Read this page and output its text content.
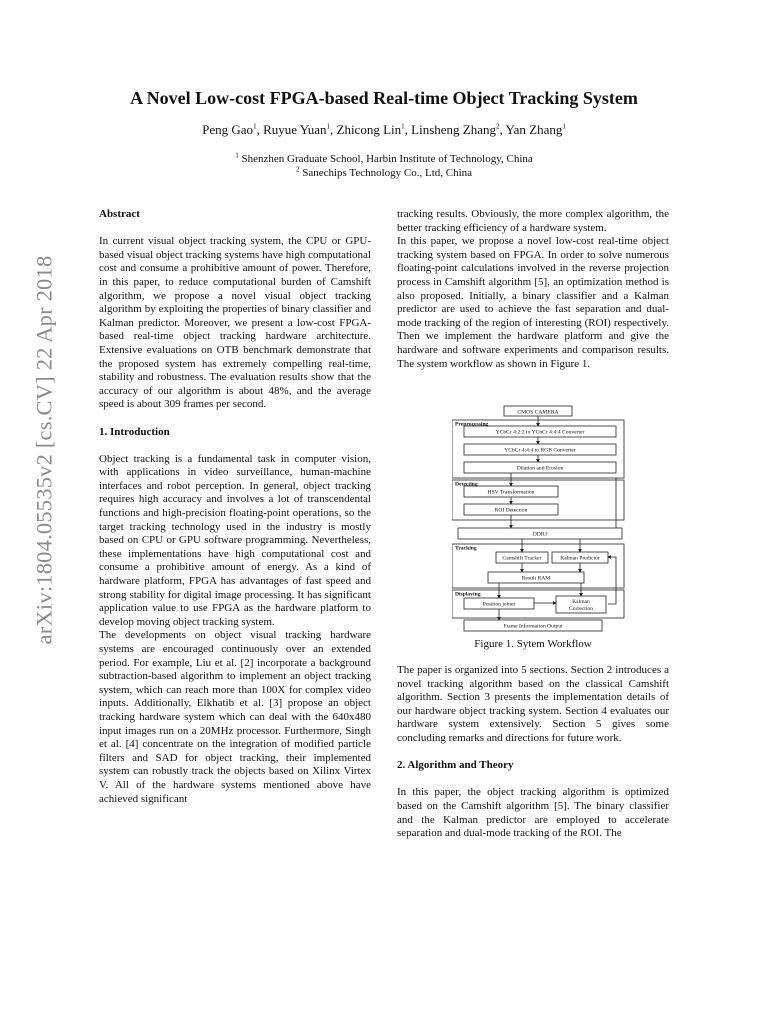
arXiv:1804.05535v2 [cs.CV] 22 Apr 2018
A Novel Low-cost FPGA-based Real-time Object Tracking System
Peng Gao$^1$, Ruyue Yuan$^1$, Zhicong Lin$^1$, Linsheng Zhang$^2$, Yan Zhang$^1$
$^1$ Shenzhen Graduate School, Harbin Institute of Technology, China
$^2$ Sanechips Technology Co., Ltd, China

Abstract

In current visual object tracking system, the CPU or GPU-based visual object tracking systems have high computational cost and consume a prohibitive amount of power. Therefore, in this paper, to reduce computational burden of Camshift algorithm, we propose a novel visual object tracking algorithm by exploiting the properties of binary classifier and Kalman predictor. Moreover, we present a low-cost FPGA-based real-time object tracking hardware architecture. Extensive evaluations on OTB benchmark demonstrate that the proposed system has extremely compelling real-time, stability and robustness. The evaluation results show that the accuracy of our algorithm is about 48%, and the average speed is about 309 frames per second.

1. Introduction

Object tracking is a fundamental task in computer vision, with applications in video surveillance, human-machine interfaces and robot perception. In general, object tracking requires high accuracy and involves a lot of transcendental functions and high-precision floating-point operations, so the target tracking technology used in the industry is mostly based on CPU or GPU software programming. Nevertheless, these implementations have high computational cost and consume a prohibitive amount of energy. As a kind of hardware platform, FPGA has advantages of fast speed and strong stability for digital image processing. It has significant application value to use FPGA as the hardware platform to develop moving object tracking system.

The developments on object visual tracking hardware systems are encouraged continuously over an extended period. For example, Liu et al. [2] incorporate a background subtraction-based algorithm to implement an object tracking system, which can reach more than 100X for complex video inputs. Additionally, Elkhatib et al. [3] propose an object tracking hardware system which can deal with the 640x480 input images run on a 20MHz processor. Furthermore, Singh et al. [4] concentrate on the integration of modified particle filters and SAD for object tracking, their implemented system can robustly track the objects based on Xilinx Virtex V. All of the hardware systems mentioned above have achieved significant

tracking results. Obviously, the more complex algorithm, the better tracking efficiency of a hardware system.

In this paper, we propose a novel low-cost real-time object tracking system based on FPGA. In order to solve numerous floating-point calculations involved in the reverse projection process in Camshift algorithm [5], an optimization method is also proposed. Initially, a binary classifier and a Kalman predictor are used to achieve the fast separation and dual-mode tracking of the region of interesting (ROI) respectively. Then we implement the hardware platform and give the hardware and software experiments and comparison results. The system workflow as shown in Figure 1.

CMOS CAMERA
YCbCr 4:2:2 to YCbCr 4:4:4 Converter
YCbCr 4:4:4 to RGB Converter
Dilation and Erosion
HSV Transformation
ROI Detection
DDR3
Camshift Tracker	Kalman Predictor
Result RAM
Position joiner	Kalman
Correction
Frame Information Output
Preprocessing
Detecting
Tracking
Displaying
Figure 1. Sytem Workflow

The paper is organized into 5 sections. Section 2 introduces a novel tracking algorithm based on the classical Camshift algorithm. Section 3 presents the implementation details of our hardware object tracking system. Section 4 evaluates our hardware system extensively. Section 5 gives some concluding remarks and directions for future work.

2. Algorithm and Theory

In this paper, the object tracking algorithm is optimized based on the Camshift algorithm [5]. The binary classifier and the Kalman predictor are employed to accelerate separation and dual-mode tracking of the ROI. The
